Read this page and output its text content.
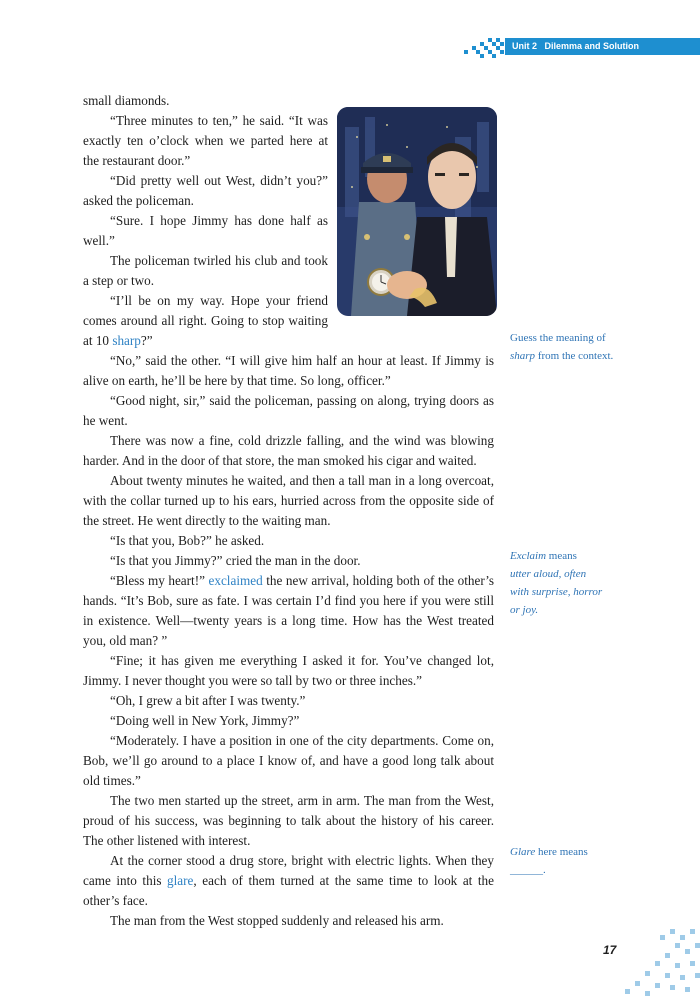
Unit 2 Dilemma and Solution

small diamonds.

“Three minutes to ten,” he said. “It was exactly ten o’clock when we parted here at the restaurant door.”

“Did pretty well out West, didn’t you?” asked the policeman.

“Sure. I hope Jimmy has done half as well.”

The policeman twirled his club and took a step or two.

“I’ll be on my way. Hope your friend comes around all right. Going to stop waiting at 10 sharp?”

“No,” said the other. “I will give him half an hour at least. If Jimmy is alive on earth, he’ll be here by that time. So long, officer.”

“Good night, sir,” said the policeman, passing on along, trying doors as he went.

There was now a fine, cold drizzle falling, and the wind was blowing harder. And in the door of that store, the man smoked his cigar and waited.

About twenty minutes he waited, and then a tall man in a long overcoat, with the collar turned up to his ears, hurried across from the opposite side of the street. He went directly to the waiting man.

“Is that you, Bob?” he asked.

“Is that you Jimmy?” cried the man in the door.

“Bless my heart!” exclaimed the new arrival, holding both of the other’s hands. “It’s Bob, sure as fate. I was certain I’d find you here if you were still in existence. Well—twenty years is a long time. How has the West treated you, old man? ”

“Fine; it has given me everything I asked it for. You’ve changed lot, Jimmy. I never thought you were so tall by two or three inches.”

“Oh, I grew a bit after I was twenty.”

“Doing well in New York, Jimmy?”

“Moderately. I have a position in one of the city departments. Come on, Bob, we’ll go around to a place I know of, and have a good long talk about old times.”

The two men started up the street, arm in arm. The man from the West, proud of his success, was beginning to talk about the history of his career. The other listened with interest.

At the corner stood a drug store, bright with electric lights. When they came into this glare, each of them turned at the same time to look at the other’s face.

The man from the West stopped suddenly and released his arm.

Guess the meaning of
sharp from the context.
Exclaim means
utter aloud, often
with surprise, horror
or joy.
Glare here means
______.
17
